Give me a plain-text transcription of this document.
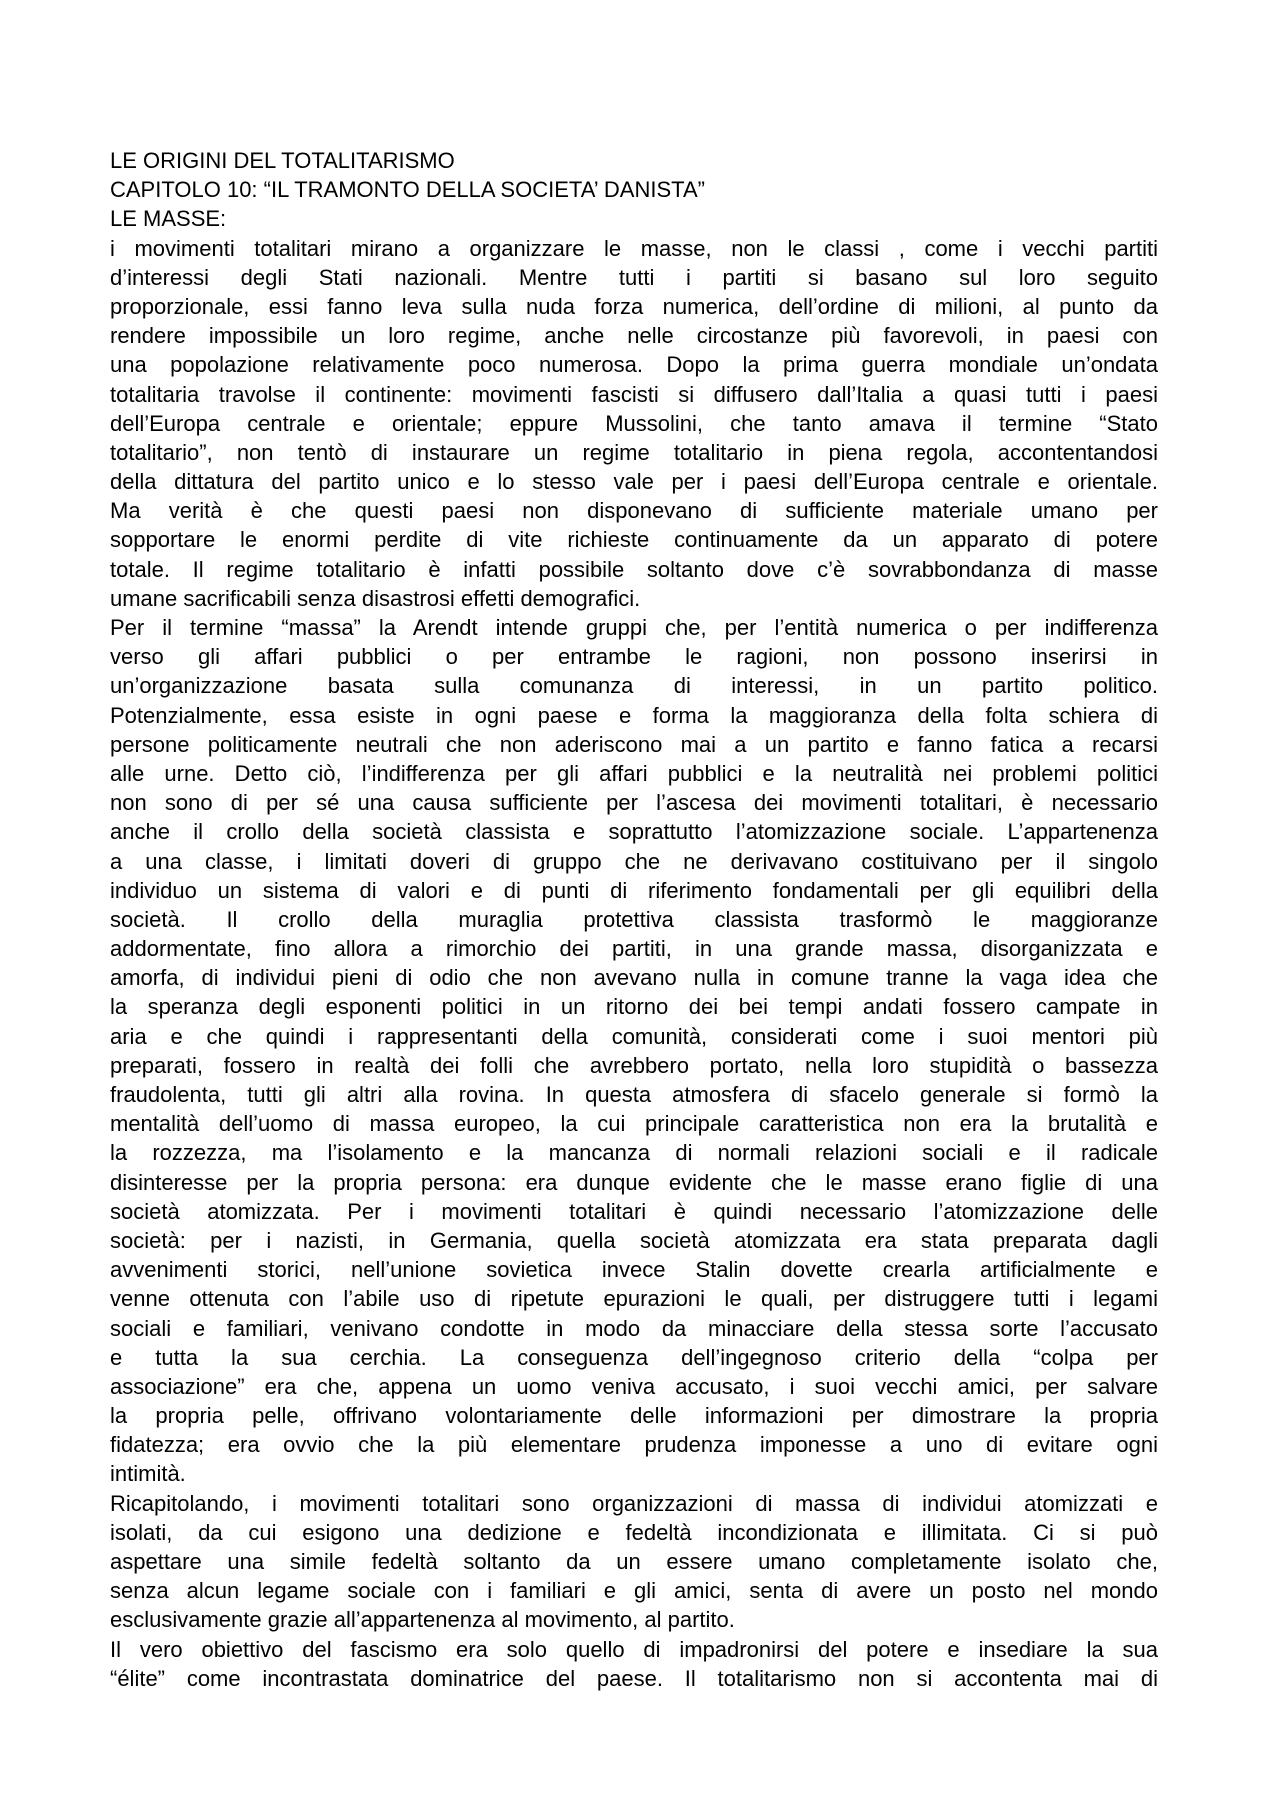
LE ORIGINI DEL TOTALITARISMO
CAPITOLO 10: “IL TRAMONTO DELLA SOCIETA’ DANISTA”
LE MASSE:
i movimenti totalitari mirano a organizzare le masse, non le classi , come i vecchi partiti
d’interessi degli Stati nazionali. Mentre tutti i partiti si basano sul loro seguito
proporzionale, essi fanno leva sulla nuda forza numerica, dell’ordine di milioni, al punto da
rendere impossibile un loro regime, anche nelle circostanze più favorevoli, in paesi con
una popolazione relativamente poco numerosa. Dopo la prima guerra mondiale un’ondata
totalitaria travolse il continente: movimenti fascisti si diffusero dall’Italia a quasi tutti i paesi
dell’Europa centrale e orientale; eppure Mussolini, che tanto amava il termine “Stato
totalitario”, non tentò di instaurare un regime totalitario in piena regola, accontentandosi
della dittatura del partito unico e lo stesso vale per i paesi dell’Europa centrale e orientale.
Ma verità è che questi paesi non disponevano di sufficiente materiale umano per
sopportare le enormi perdite di vite richieste continuamente da un apparato di potere
totale. Il regime totalitario è infatti possibile soltanto dove c’è sovrabbondanza di masse
umane sacrificabili senza disastrosi effetti demografici.
Per il termine “massa” la Arendt intende gruppi che, per l’entità numerica o per indifferenza
verso gli affari pubblici o per entrambe le ragioni, non possono inserirsi in
un’organizzazione basata sulla comunanza di interessi, in un partito politico.
Potenzialmente, essa esiste in ogni paese e forma la maggioranza della folta schiera di
persone politicamente neutrali che non aderiscono mai a un partito e fanno fatica a recarsi
alle urne. Detto ciò, l’indifferenza per gli affari pubblici e la neutralità nei problemi politici
non sono di per sé una causa sufficiente per l’ascesa dei movimenti totalitari, è necessario
anche il crollo della società classista e soprattutto l’atomizzazione sociale. L’appartenenza
a una classe, i limitati doveri di gruppo che ne derivavano costituivano per il singolo
individuo un sistema di valori e di punti di riferimento fondamentali per gli equilibri della
società. Il crollo della muraglia protettiva classista trasformò le maggioranze
addormentate, fino allora a rimorchio dei partiti, in una grande massa, disorganizzata e
amorfa, di individui pieni di odio che non avevano nulla in comune tranne la vaga idea che
la speranza degli esponenti politici in un ritorno dei bei tempi andati fossero campate in
aria e che quindi i rappresentanti della comunità, considerati come i suoi mentori più
preparati, fossero in realtà dei folli che avrebbero portato, nella loro stupidità o bassezza
fraudolenta, tutti gli altri alla rovina. In questa atmosfera di sfacelo generale si formò la
mentalità dell’uomo di massa europeo, la cui principale caratteristica non era la brutalità e
la rozzezza, ma l’isolamento e la mancanza di normali relazioni sociali e il radicale
disinteresse per la propria persona: era dunque evidente che le masse erano figlie di una
società atomizzata. Per i movimenti totalitari è quindi necessario l’atomizzazione delle
società: per i nazisti, in Germania, quella società atomizzata era stata preparata dagli
avvenimenti storici, nell’unione sovietica invece Stalin dovette crearla artificialmente e
venne ottenuta con l’abile uso di ripetute epurazioni le quali, per distruggere tutti i legami
sociali e familiari, venivano condotte in modo da minacciare della stessa sorte l’accusato
e tutta la sua cerchia. La conseguenza dell’ingegnoso criterio della “colpa per
associazione” era che, appena un uomo veniva accusato, i suoi vecchi amici, per salvare
la propria pelle, offrivano volontariamente delle informazioni per dimostrare la propria
fidatezza; era ovvio che la più elementare prudenza imponesse a uno di evitare ogni
intimità.
Ricapitolando, i movimenti totalitari sono organizzazioni di massa di individui atomizzati e
isolati, da cui esigono una dedizione e fedeltà incondizionata e illimitata. Ci si può
aspettare una simile fedeltà soltanto da un essere umano completamente isolato che,
senza alcun legame sociale con i familiari e gli amici, senta di avere un posto nel mondo
esclusivamente grazie all’appartenenza al movimento, al partito.
Il vero obiettivo del fascismo era solo quello di impadronirsi del potere e insediare la sua
“élite” come incontrastata dominatrice del paese. Il totalitarismo non si accontenta mai di
